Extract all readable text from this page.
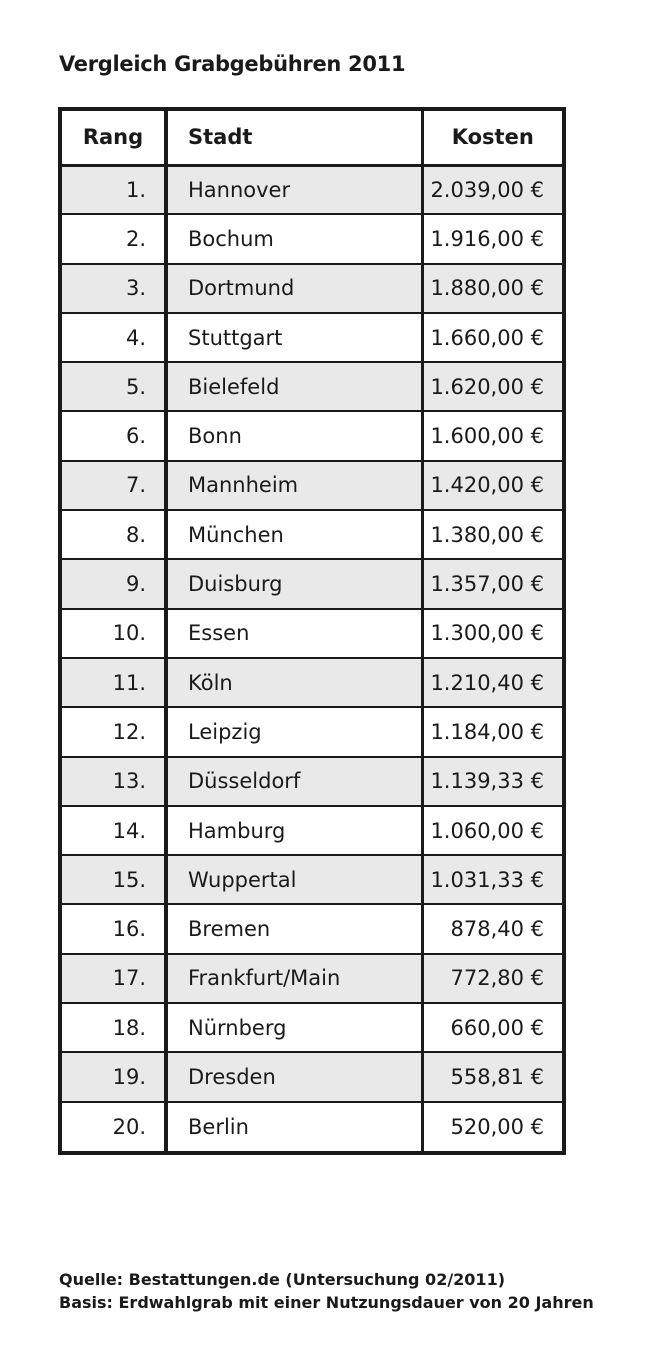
Vergleich Grabgebühren 2011
Rang	Stadt	Kosten
1.	Hannover	2.039,00 €
2.	Bochum	1.916,00 €
3.	Dortmund	1.880,00 €
4.	Stuttgart	1.660,00 €
5.	Bielefeld	1.620,00 €
6.	Bonn	1.600,00 €
7.	Mannheim	1.420,00 €
8.	München	1.380,00 €
9.	Duisburg	1.357,00 €
10.	Essen	1.300,00 €
11.	Köln	1.210,40 €
12.	Leipzig	1.184,00 €
13.	Düsseldorf	1.139,33 €
14.	Hamburg	1.060,00 €
15.	Wuppertal	1.031,33 €
16.	Bremen	878,40 €
17.	Frankfurt/Main	772,80 €
18.	Nürnberg	660,00 €
19.	Dresden	558,81 €
20.	Berlin	520,00 €
Quelle: Bestattungen.de (Untersuchung 02/2011)
Basis: Erdwahlgrab mit einer Nutzungsdauer von 20 Jahren
